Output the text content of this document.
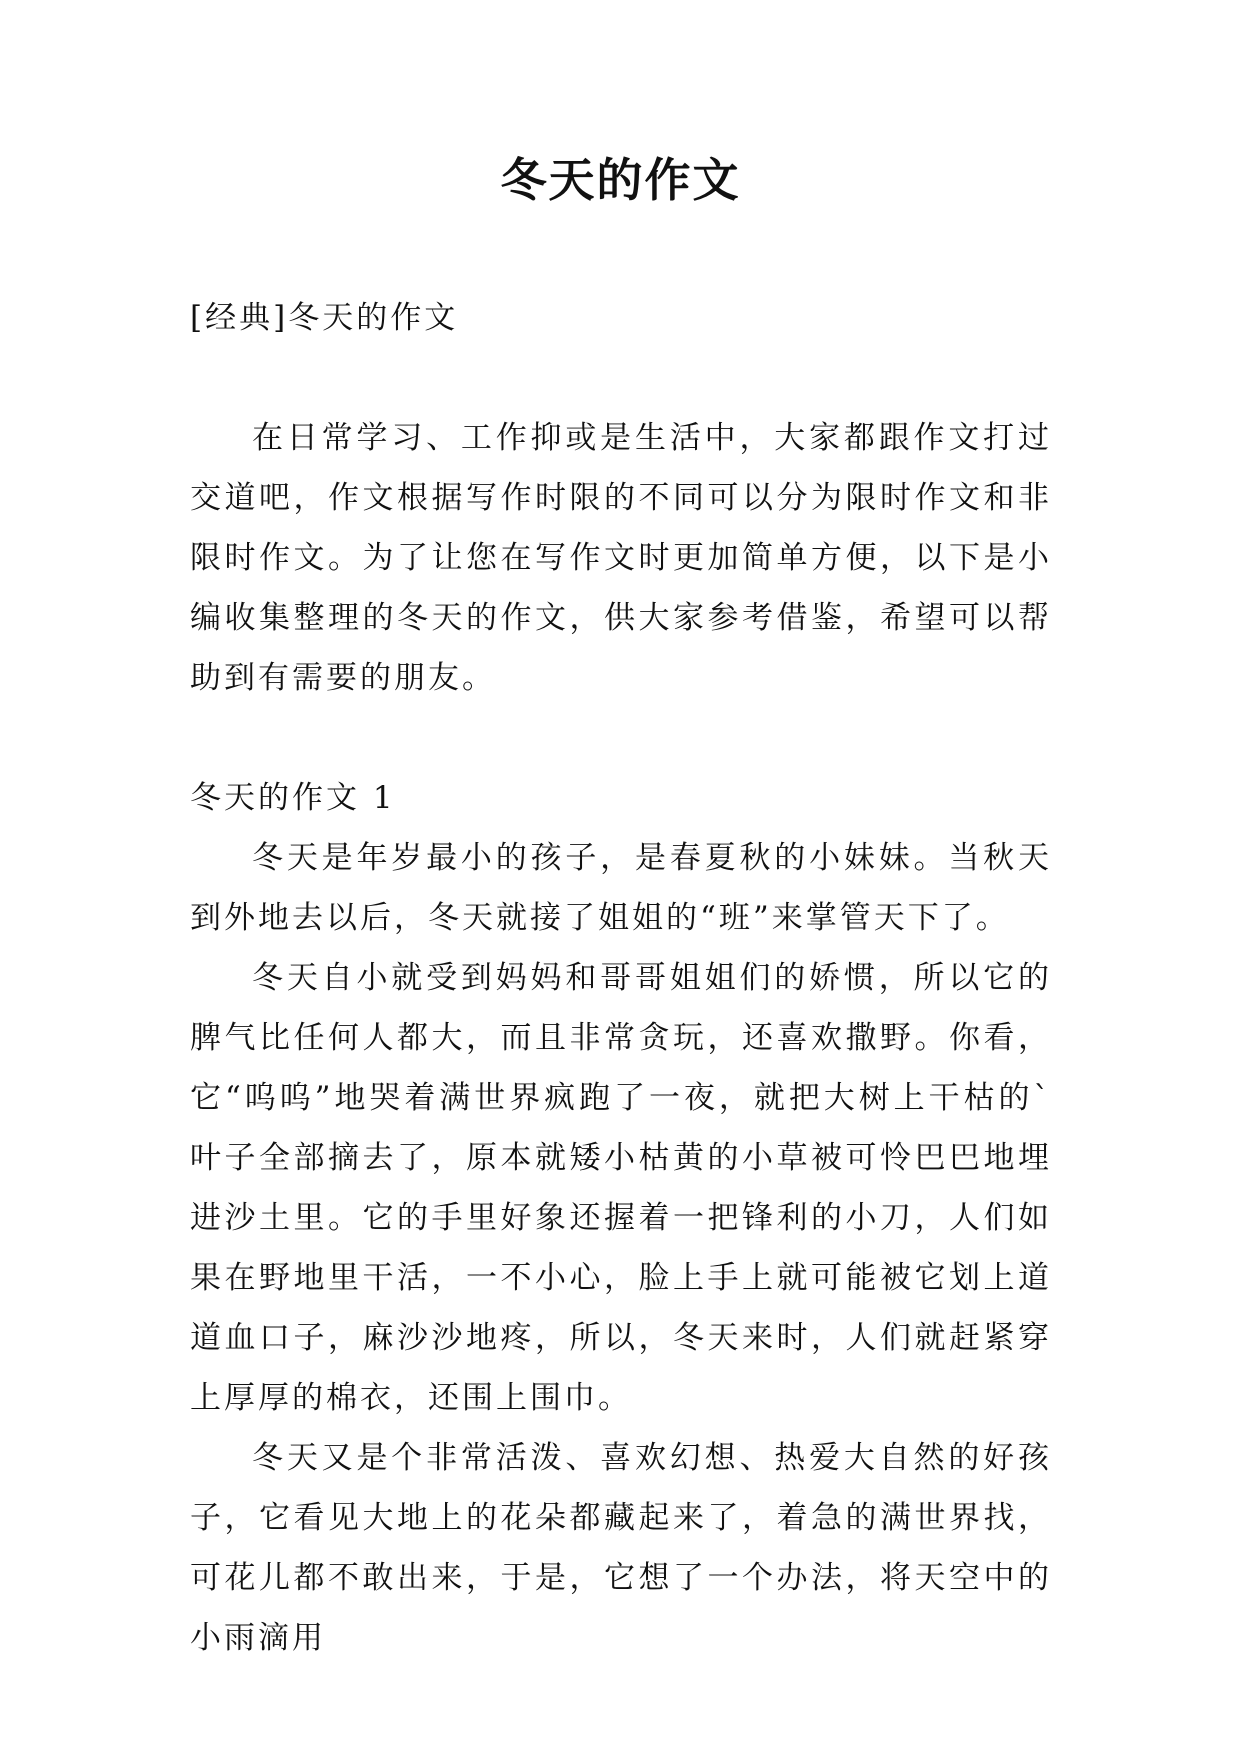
冬天的作文
[经典]冬天的作文

在日常学习、工作抑或是生活中，大家都跟作文打过交道吧，作文根据写作时限的不同可以分为限时作文和非限时作文。为了让您在写作文时更加简单方便，以下是小编收集整理的冬天的作文，供大家参考借鉴，希望可以帮助到有需要的朋友。

冬天的作文 1

冬天是年岁最小的孩子，是春夏秋的小妹妹。当秋天到外地去以后，冬天就接了姐姐的“班”来掌管天下了。

冬天自小就受到妈妈和哥哥姐姐们的娇惯，所以它的脾气比任何人都大，而且非常贪玩，还喜欢撒野。你看，它“呜呜”地哭着满世界疯跑了一夜，就把大树上干枯的`叶子全部摘去了，原本就矮小枯黄的小草被可怜巴巴地埋进沙土里。它的手里好象还握着一把锋利的小刀，人们如果在野地里干活，一不小心，脸上手上就可能被它划上道道血口子，麻沙沙地疼，所以，冬天来时，人们就赶紧穿上厚厚的棉衣，还围上围巾。

冬天又是个非常活泼、喜欢幻想、热爱大自然的好孩子，它看见大地上的花朵都藏起来了，着急的满世界找，可花儿都不敢出来，于是，它想了一个办法，将天空中的小雨滴用
